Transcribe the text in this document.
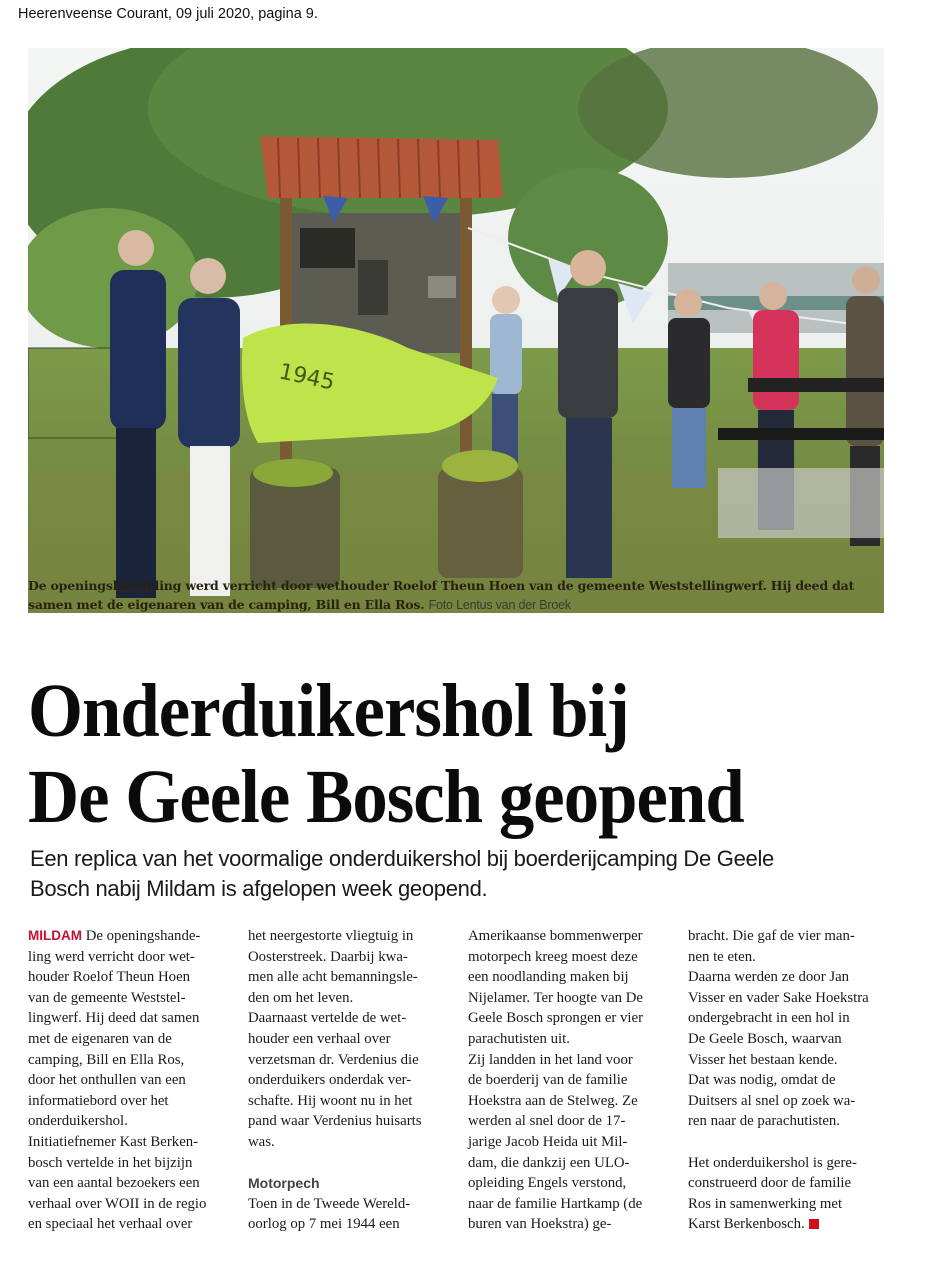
Heerenveense Courant, 09 juli 2020, pagina 9.
1945
De openingshandeling werd verricht door wethouder Roelof Theun Hoen van de gemeente Weststellingwerf. Hij deed dat
samen met de eigenaren van de camping, Bill en Ella Ros. Foto Lentus van der Broek
Onderduikershol bij
De Geele Bosch geopend
Een replica van het voormalige onderduikershol bij boerderijcamping De Geele
Bosch nabij Mildam is afgelopen week geopend.
MILDAM De openingshande-
ling werd verricht door wet-
houder Roelof Theun Hoen
van de gemeente Weststel-
lingwerf. Hij deed dat samen
met de eigenaren van de
camping, Bill en Ella Ros,
door het onthullen van een
informatiebord over het
onderduikershol.
Initiatiefnemer Kast Berken-
bosch vertelde in het bijzijn
van een aantal bezoekers een
verhaal over WOII in de regio
en speciaal het verhaal over
het neergestorte vliegtuig in
Oosterstreek. Daarbij kwa-
men alle acht bemanningsle-
den om het leven.
Daarnaast vertelde de wet-
houder een verhaal over
verzetsman dr. Verdenius die
onderduikers onderdak ver-
schafte. Hij woont nu in het
pand waar Verdenius huisarts
was.
Motorpech
Toen in de Tweede Wereld-
oorlog op 7 mei 1944 een
Amerikaanse bommenwerper
motorpech kreeg moest deze
een noodlanding maken bij
Nijelamer. Ter hoogte van De
Geele Bosch sprongen er vier
parachutisten uit.
Zij landden in het land voor
de boerderij van de familie
Hoekstra aan de Stelweg. Ze
werden al snel door de 17-
jarige Jacob Heida uit Mil-
dam, die dankzij een ULO-
opleiding Engels verstond,
naar de familie Hartkamp (de
buren van Hoekstra) ge-
bracht. Die gaf de vier man-
nen te eten.
Daarna werden ze door Jan
Visser en vader Sake Hoekstra
ondergebracht in een hol in
De Geele Bosch, waarvan
Visser het bestaan kende.
Dat was nodig, omdat de
Duitsers al snel op zoek wa-
ren naar de parachutisten.
Het onderduikershol is gere-
construeerd door de familie
Ros in samenwerking met
Karst Berkenbosch.
